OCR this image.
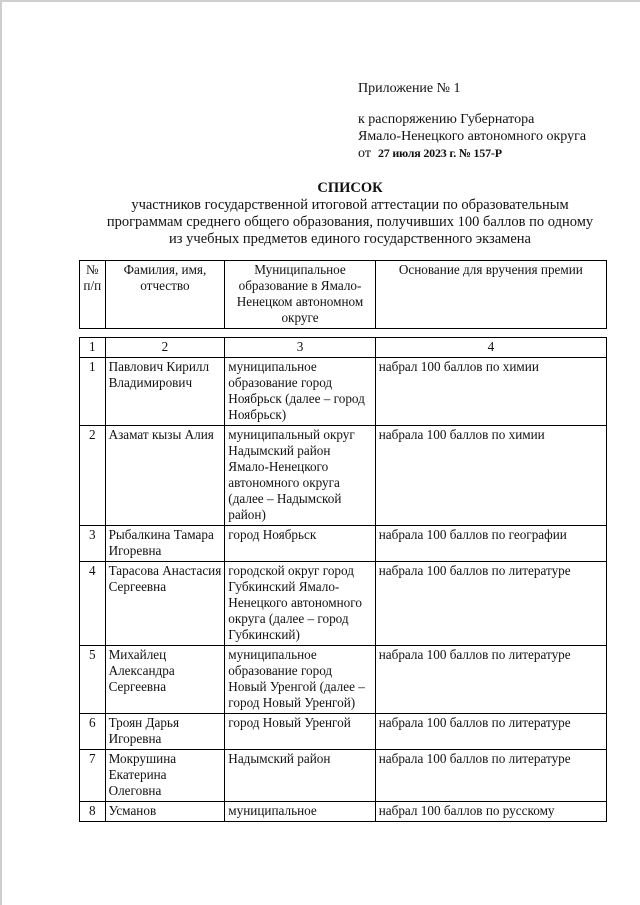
Приложение № 1
к распоряжению Губернатора
Ямало-Ненецкого автономного округа
от 27 июля 2023 г. № 157-Р
СПИСОК
участников государственной итоговой аттестации по образовательным
программам среднего общего образования, получивших 100 баллов по одному
из учебных предметов единого государственного экзамена
№ п/п	Фамилия, имя, отчество	Муниципальное образование в Ямало-Ненецком автономном округе	Основание для вручения премии
1	2	3	4
1	Павлович Кирилл Владимирович	муниципальное образование город Ноябрьск (далее – город Ноябрьск)	набрал 100 баллов по химии
2	Азамат кызы Алия	муниципальный округ Надымский район Ямало-Ненецкого автономного округа (далее – Надымской район)	набрала 100 баллов по химии
3	Рыбалкина Тамара Игоревна	город Ноябрьск	набрала 100 баллов по географии
4	Тарасова Анастасия Сергеевна	городской округ город Губкинский Ямало-Ненецкого автономного округа (далее – город Губкинский)	набрала 100 баллов по литературе
5	Михайлец Александра Сергеевна	муниципальное образование город Новый Уренгой (далее – город Новый Уренгой)	набрала 100 баллов по литературе
6	Троян Дарья Игоревна	город Новый Уренгой	набрала 100 баллов по литературе
7	Мокрушина Екатерина Олеговна	Надымский район	набрала 100 баллов по литературе
8	Усманов	муниципальное	набрал 100 баллов по русскому
